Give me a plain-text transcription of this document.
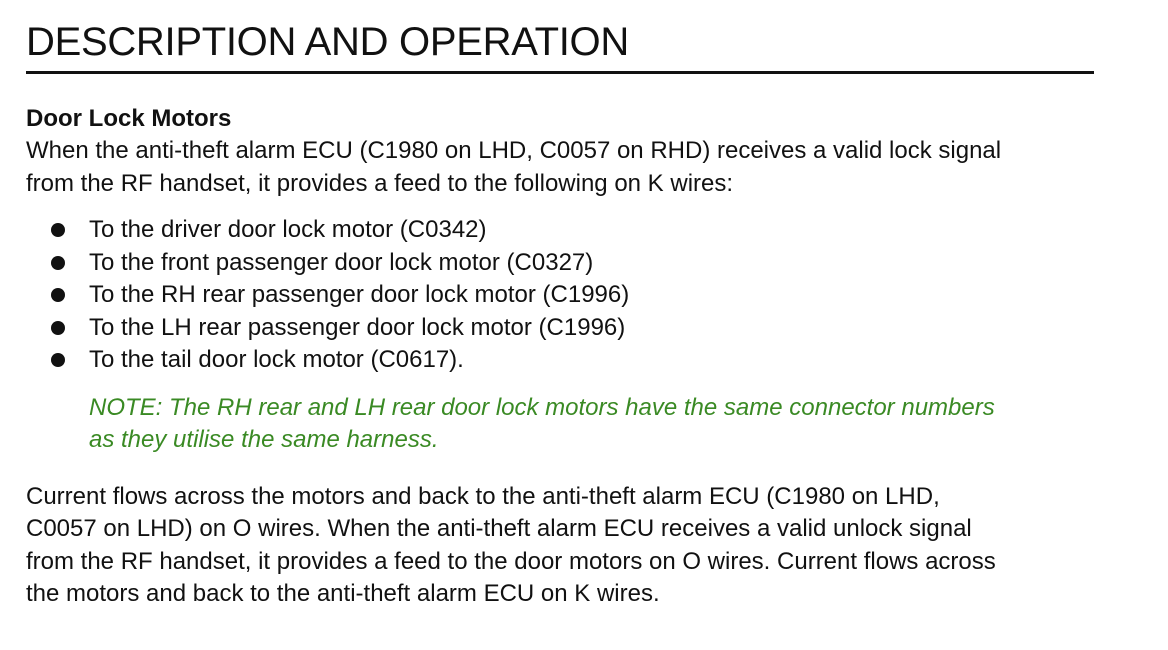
DESCRIPTION AND OPERATION
Door Lock Motors

When the anti-theft alarm ECU (C1980 on LHD, C0057 on RHD) receives a valid lock signal
from the RF handset, it provides a feed to the following on K wires:

To the driver door lock motor (C0342)
To the front passenger door lock motor (C0327)
To the RH rear passenger door lock motor (C1996)
To the LH rear passenger door lock motor (C1996)
To the tail door lock motor (C0617).

NOTE: The RH rear and LH rear door lock motors have the same connector numbers
as they utilise the same harness.

Current flows across the motors and back to the anti-theft alarm ECU (C1980 on LHD,
C0057 on LHD) on O wires. When the anti-theft alarm ECU receives a valid unlock signal
from the RF handset, it provides a feed to the door motors on O wires. Current flows across
the motors and back to the anti-theft alarm ECU on K wires.
